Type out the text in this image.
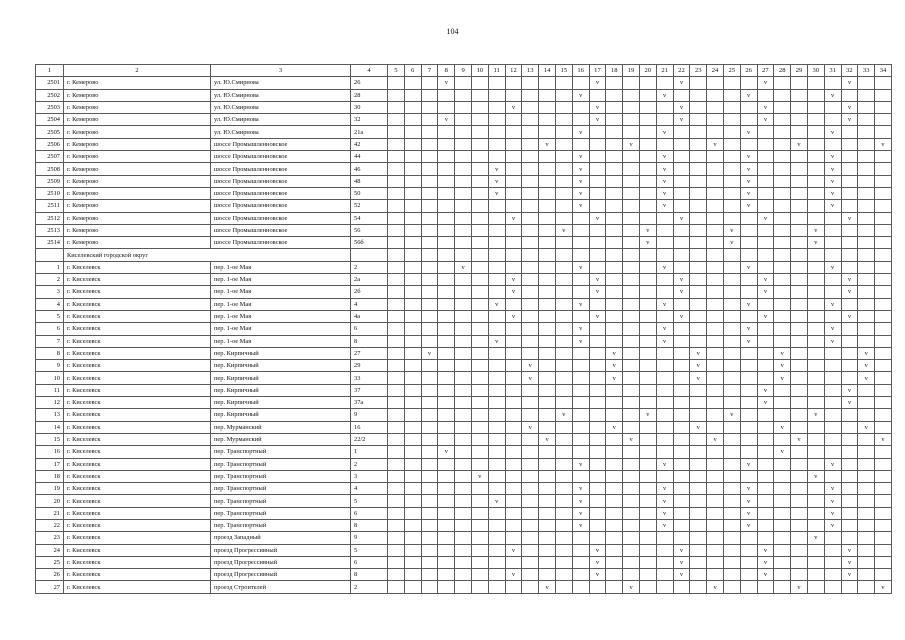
104
1	2	3	4	5	6	7	8	9	10	11	12	13	14	15	16	17	18	19	20	21	22	23	24	25	26	27	28	29	30	31	32	33	34
2501	г. Кемерово	ул. Ю.Смирнова	26				v									v					v					v					v		
2502	г. Кемерово	ул. Ю.Смирнова	28												v					v					v					v			
2503	г. Кемерово	ул. Ю.Смирнова	30								v					v					v					v					v		
2504	г. Кемерово	ул. Ю.Смирнова	32				v									v					v					v					v		
2505	г. Кемерово	ул. Ю.Смирнова	21а												v					v					v					v			
2506	г. Кемерово	шоссе Промышленновское	42										v					v					v					v					v
2507	г. Кемерово	шоссе Промышленновское	44												v					v					v					v			
2508	г. Кемерово	шоссе Промышленновское	46							v					v					v					v					v			
2509	г. Кемерово	шоссе Промышленновское	48							v					v					v					v					v			
2510	г. Кемерово	шоссе Промышленновское	50							v					v					v					v					v			
2511	г. Кемерово	шоссе Промышленновское	52												v					v					v					v			
2512	г. Кемерово	шоссе Промышленновское	54								v					v					v					v					v		
2513	г. Кемерово	шоссе Промышленновское	56											v					v					v					v				
2514	г. Кемерово	шоссе Промышленновское	56б																v					v					v				
	Киселевский городской округ																																
1	г. Киселевск	пер. 1-ое Мая	2					v							v					v					v					v			
2	г. Киселевск	пер. 1-ое Мая	2а								v					v					v					v					v		
3	г. Киселевск	пер. 1-ое Мая	2б								v					v					v					v					v		
4	г. Киселевск	пер. 1-ое Мая	4							v					v					v					v					v			
5	г. Киселевск	пер. 1-ое Мая	4а								v					v					v					v					v		
6	г. Киселевск	пер. 1-ое Мая	6												v					v					v					v			
7	г. Киселевск	пер. 1-ое Мая	8							v					v					v					v					v			
8	г. Киселевск	пер. Кирпичный	27			v											v					v					v					v	
9	г. Киселевск	пер. Кирпичный	29									v					v					v					v					v	
10	г. Киселевск	пер. Кирпичный	33									v					v					v					v					v	
11	г. Киселевск	пер. Кирпичный	37																							v					v		
12	г. Киселевск	пер. Кирпичный	37а																							v					v		
13	г. Киселевск	пер. Кирпичный	9											v					v					v					v				
14	г. Киселевск	пер. Мурманский	16									v					v					v					v					v	
15	г. Киселевск	пер. Мурманский	22/2										v					v					v					v					v
16	г. Киселевск	пер. Транспортный	1				v																				v						
17	г. Киселевск	пер. Транспортный	2												v					v					v					v			
18	г. Киселевск	пер. Транспортный	3						v																				v				
19	г. Киселевск	пер. Транспортный	4												v					v					v					v			
20	г. Киселевск	пер. Транспортный	5							v					v					v					v					v			
21	г. Киселевск	пер. Транспортный	6												v					v					v					v			
22	г. Киселевск	пер. Транспортный	8												v					v					v					v			
23	г. Киселевск	проезд Западный	9																										v				
24	г. Киселевск	проезд Прогрессивный	5								v					v					v					v					v		
25	г. Киселевск	проезд Прогрессивный	6													v					v					v					v		
26	г. Киселевск	проезд Прогрессивный	8								v					v					v					v					v		
27	г. Киселевск	проезд Строителей	2										v					v					v					v					v
